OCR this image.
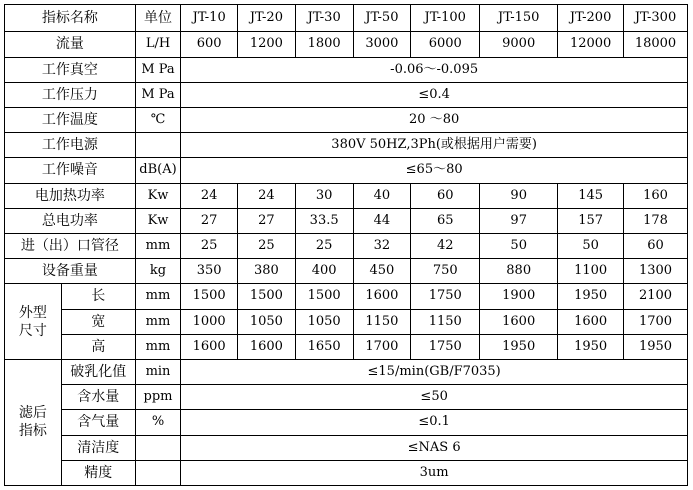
指标名称		单位	JT-10	JT-20	JT-30	JT-50	JT-100	JT-150	JT-200	JT-300
流量		L/H	600	1200	1800	3000	6000	9000	12000	18000
工作真空		M Pa	-0.06～-0.095							
工作压力		M Pa	≤0.4							
工作温度		℃	20 ～80							
工作电源			380V 50HZ,3Ph(或根据用户需要)							
工作噪音		dB(A)	≤65～80							
电加热功率		Kw	24	24	30	40	60	90	145	160
总电功率		Kw	27	27	33.5	44	65	97	157	178
进（出）口管径		mm	25	25	25	32	42	50	50	60
设备重量		kg	350	380	400	450	750	880	1100	1300
外型
尺寸	长	mm	1500	1500	1500	1600	1750	1900	1950	2100
	宽	mm	1000	1050	1050	1150	1150	1600	1600	1700
	高	mm	1600	1600	1650	1700	1750	1950	1950	1950
滤后
指标	破乳化值	min	≤15/min(GB/F7035)							
	含水量	ppm	≤50							
	含气量	%	≤0.1							
	清洁度		≤NAS 6							
	精度		3um							
